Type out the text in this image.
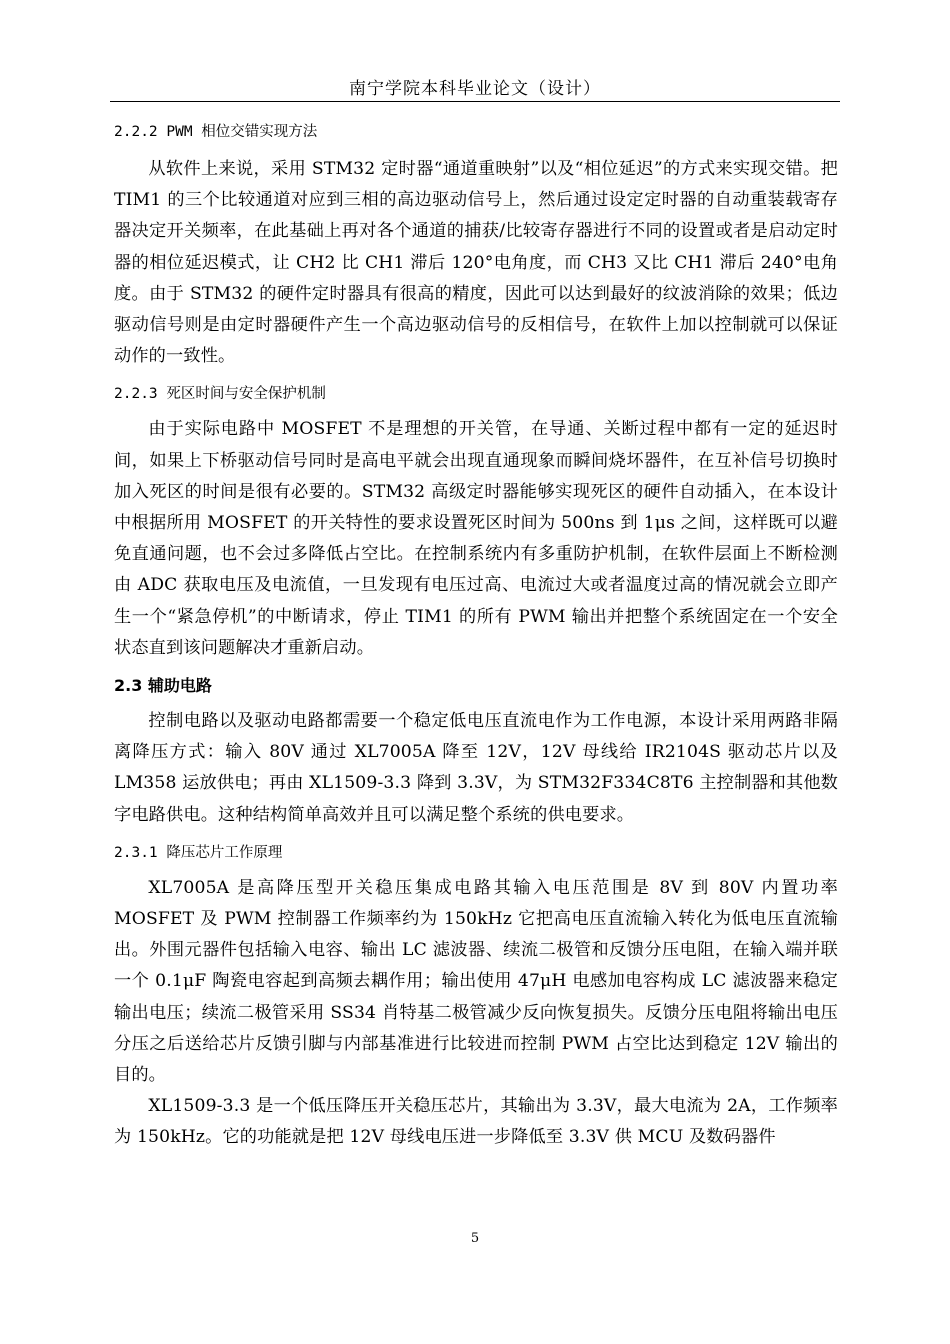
南宁学院本科毕业论文（设计）
2.2.2 PWM 相位交错实现方法

从软件上来说，采用 STM32 定时器“通道重映射”以及“相位延迟”的方式来实现交错。把 TIM1 的三个比较通道对应到三相的高边驱动信号上，然后通过设定定时器的自动重装载寄存器决定开关频率，在此基础上再对各个通道的捕获/比较寄存器进行不同的设置或者是启动定时器的相位延迟模式，让 CH2 比 CH1 滞后 120°电角度，而 CH3 又比 CH1 滞后 240°电角度。由于 STM32 的硬件定时器具有很高的精度，因此可以达到最好的纹波消除的效果；低边驱动信号则是由定时器硬件产生一个高边驱动信号的反相信号，在软件上加以控制就可以保证动作的一致性。

2.2.3 死区时间与安全保护机制

由于实际电路中 MOSFET 不是理想的开关管，在导通、关断过程中都有一定的延迟时间，如果上下桥驱动信号同时是高电平就会出现直通现象而瞬间烧坏器件，在互补信号切换时加入死区的时间是很有必要的。STM32 高级定时器能够实现死区的硬件自动插入，在本设计中根据所用 MOSFET 的开关特性的要求设置死区时间为 500ns 到 1μs 之间，这样既可以避免直通问题，也不会过多降低占空比。在控制系统内有多重防护机制，在软件层面上不断检测由 ADC 获取电压及电流值，一旦发现有电压过高、电流过大或者温度过高的情况就会立即产生一个“紧急停机”的中断请求，停止 TIM1 的所有 PWM 输出并把整个系统固定在一个安全状态直到该问题解决才重新启动。

2.3 辅助电路

控制电路以及驱动电路都需要一个稳定低电压直流电作为工作电源，本设计采用两路非隔离降压方式：输入 80V 通过 XL7005A 降至 12V，12V 母线给 IR2104S 驱动芯片以及 LM358 运放供电；再由 XL1509-3.3 降到 3.3V，为 STM32F334C8T6 主控制器和其他数字电路供电。这种结构简单高效并且可以满足整个系统的供电要求。

2.3.1 降压芯片工作原理

XL7005A 是高降压型开关稳压集成电路其输入电压范围是 8V 到 80V 内置功率 MOSFET 及 PWM 控制器工作频率约为 150kHz 它把高电压直流输入转化为低电压直流输出。外围元器件包括输入电容、输出 LC 滤波器、续流二极管和反馈分压电阻，在输入端并联一个 0.1μF 陶瓷电容起到高频去耦作用；输出使用 47μH 电感加电容构成 LC 滤波器来稳定输出电压；续流二极管采用 SS34 肖特基二极管减少反向恢复损失。反馈分压电阻将输出电压分压之后送给芯片反馈引脚与内部基准进行比较进而控制 PWM 占空比达到稳定 12V 输出的目的。

XL1509-3.3 是一个低压降压开关稳压芯片，其输出为 3.3V，最大电流为 2A，工作频率为 150kHz。它的功能就是把 12V 母线电压进一步降低至 3.3V 供 MCU 及数码器件

5
